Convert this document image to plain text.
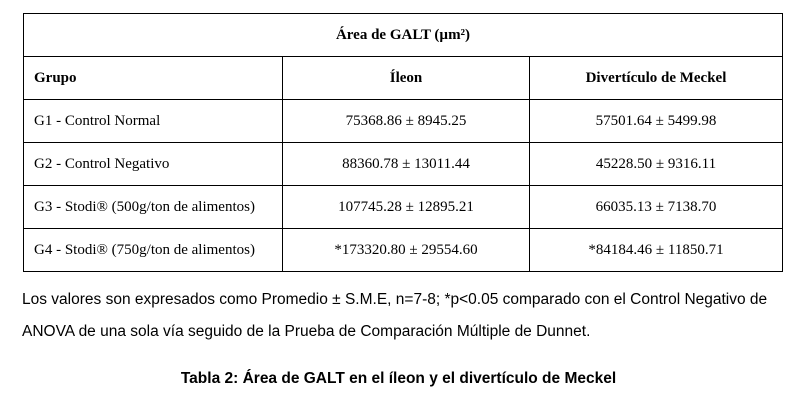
Área de GALT (µm²)		
Grupo	Íleon	Divertículo de Meckel
G1 - Control Normal	75368.86 ± 8945.25	57501.64 ± 5499.98
G2 - Control Negativo	88360.78 ± 13011.44	45228.50 ± 9316.11
G3 - Stodi® (500g/ton de alimentos)	107745.28 ± 12895.21	66035.13 ± 7138.70
G4 - Stodi® (750g/ton de alimentos)	*173320.80 ± 29554.60	*84184.46 ± 11850.71

Los valores son expresados como Promedio ± S.M.E, n=7-8; *p<0.05 comparado con el Control Negativo de ANOVA de una sola vía seguido de la Prueba de Comparación Múltiple de Dunnet.

Tabla 2: Área de GALT en el íleon y el divertículo de Meckel
